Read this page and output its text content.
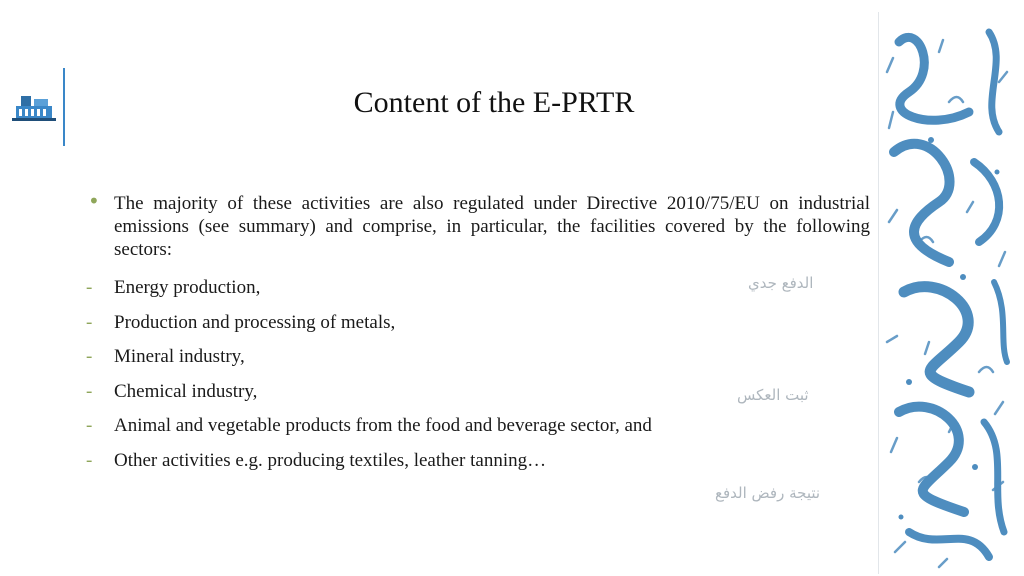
Content of the E-PRTR
• The majority of these activities are also regulated under Directive 2010/75/EU on industrial emissions (see summary) and comprise, in particular, the facilities covered by the following sectors:
- Energy production,
- Production and processing of metals,
- Mineral industry,
- Chemical industry,
- Animal and vegetable products from the food and beverage sector, and
- Other activities e.g. producing textiles, leather tanning…
الدفع جدي
ثبت العكس
نتيجة رفض الدفع
